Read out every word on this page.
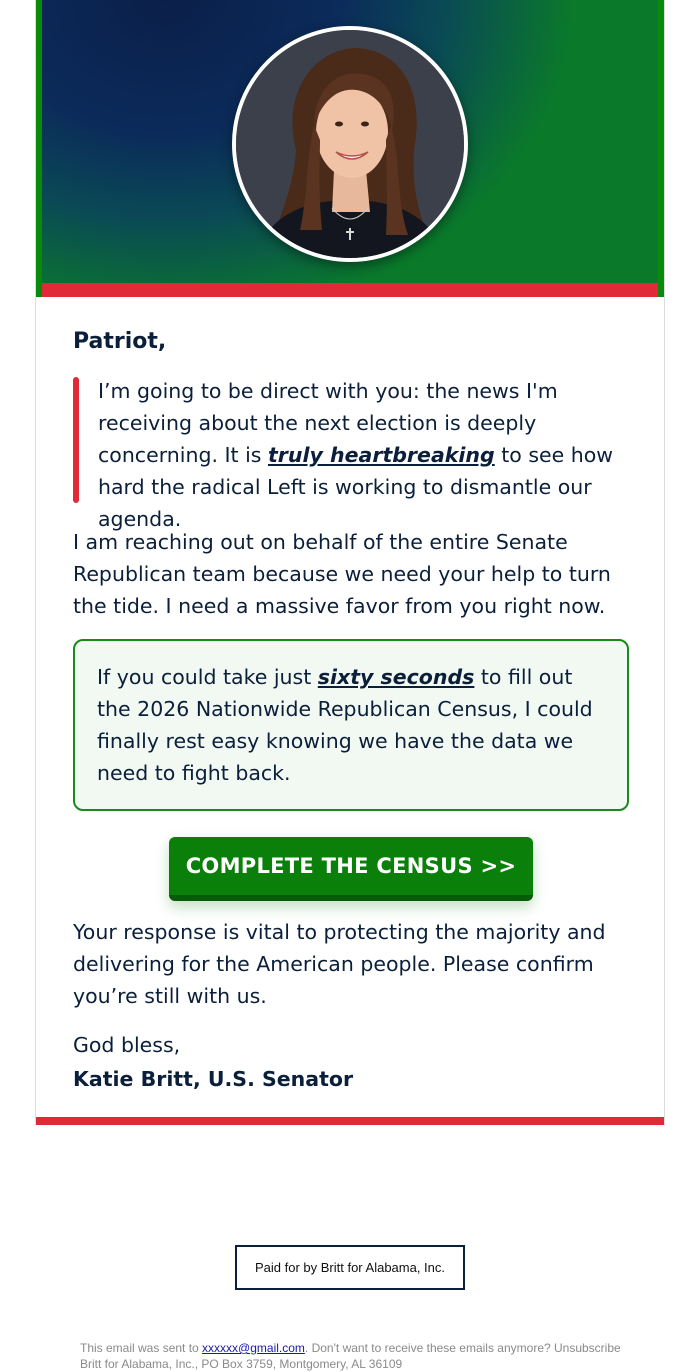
Patriot,

I’m going to be direct with you: the news I'm receiving about the next election is deeply concerning. It is truly heartbreaking to see how hard the radical Left is working to dismantle our agenda.

I am reaching out on behalf of the entire Senate Republican team because we need your help to turn the tide. I need a massive favor from you right now.

If you could take just sixty seconds to fill out the 2026 Nationwide Republican Census, I could finally rest easy knowing we have the data we need to fight back.
COMPLETE THE CENSUS >>

Your response is vital to protecting the majority and delivering for the American people. Please confirm you’re still with us.

God bless,

Katie Britt, U.S. Senator

Paid for by Britt for Alabama, Inc.
This email was sent to xxxxxx@gmail.com. Don't want to receive these emails anymore? Unsubscribe
Britt for Alabama, Inc., PO Box 3759, Montgomery, AL 36109
